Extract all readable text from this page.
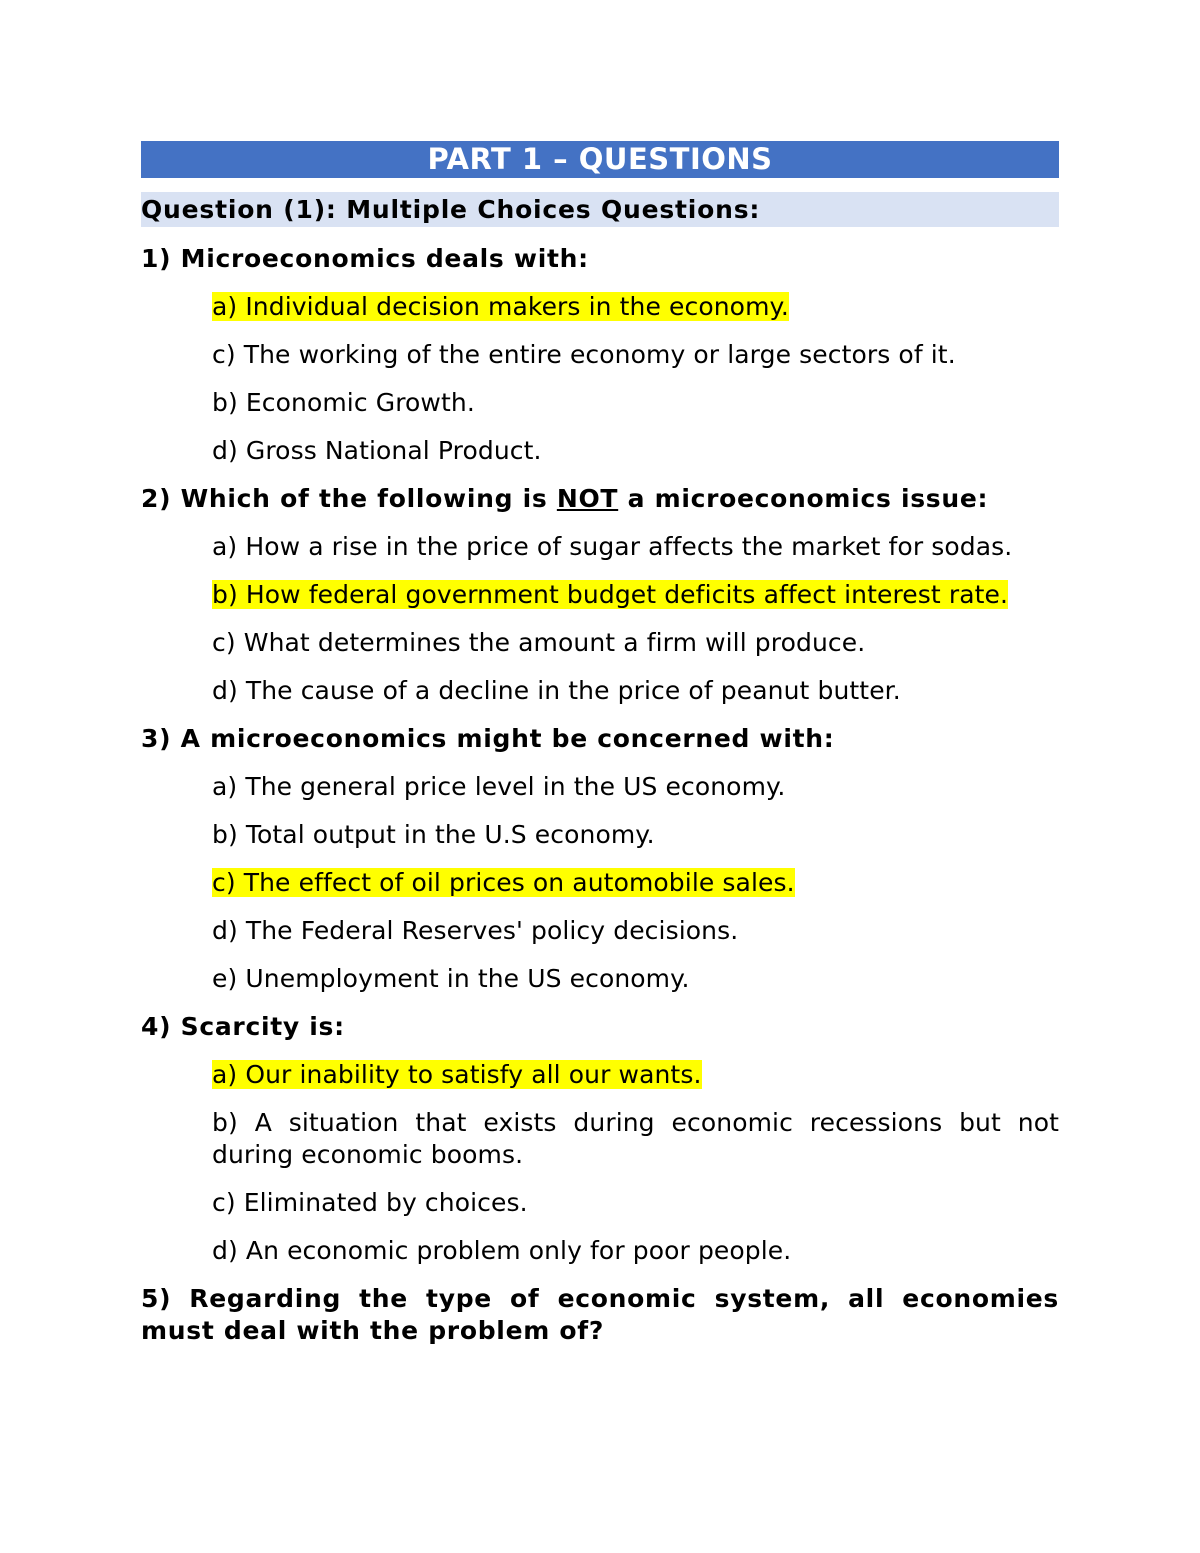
PART 1 – QUESTIONS
Question (1): Multiple Choices Questions:
1) Microeconomics deals with:
a) Individual decision makers in the economy.
c) The working of the entire economy or large sectors of it.
b) Economic Growth.
d) Gross National Product.
2) Which of the following is NOT a microeconomics issue:
a) How a rise in the price of sugar affects the market for sodas.
b) How federal government budget deficits affect interest rate.
c) What determines the amount a firm will produce.
d) The cause of a decline in the price of peanut butter.
3) A microeconomics might be concerned with:
a) The general price level in the US economy.
b) Total output in the U.S economy.
c) The effect of oil prices on automobile sales.
d) The Federal Reserves' policy decisions.
e) Unemployment in the US economy.
4) Scarcity is:
a) Our inability to satisfy all our wants.
b) A situation that exists during economic recessions but not during economic booms.
c) Eliminated by choices.
d) An economic problem only for poor people.
5) Regarding the type of economic system, all economies must deal with the problem of?
